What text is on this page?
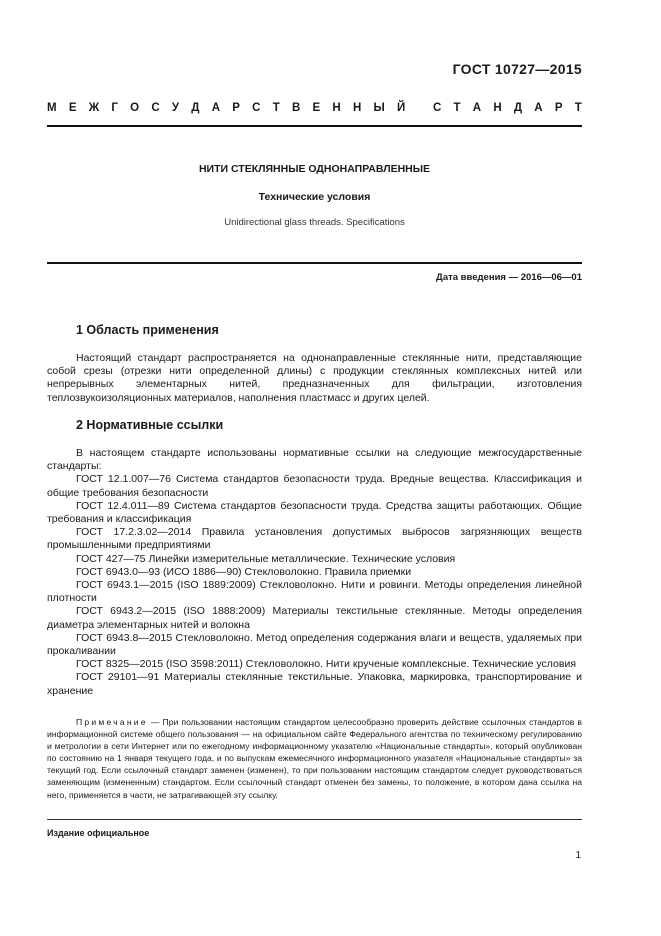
ГОСТ 10727—2015
М Е Ж Г О С У Д А Р С Т В Е Н Н Ы Й
С Т А Н Д А Р Т
НИТИ СТЕКЛЯННЫЕ ОДНОНАПРАВЛЕННЫЕ
Технические условия
Unidirectional glass threads. Specifications
Дата введения — 2016—06—01
1 Область применения

Настоящий стандарт распространяется на однонаправленные стеклянные нити, представляющие собой срезы (отрезки нити определенной длины) с продукции стеклянных комплексных нитей или непрерывных элементарных нитей, предназначенных для фильтрации, изготовления теплозвукоизоляционных материалов, наполнения пластмасс и других целей.

2 Нормативные ссылки

В настоящем стандарте использованы нормативные ссылки на следующие межгосударственные стандарты:

ГОСТ 12.1.007—76 Система стандартов безопасности труда. Вредные вещества. Классификация и общие требования безопасности

ГОСТ 12.4.011—89 Система стандартов безопасности труда. Средства защиты работающих. Общие требования и классификация

ГОСТ 17.2.3.02—2014 Правила установления допустимых выбросов загрязняющих веществ промышленными предприятиями

ГОСТ 427—75 Линейки измерительные металлические. Технические условия

ГОСТ 6943.0—93 (ИСО 1886—90) Стекловолокно. Правила приемки

ГОСТ 6943.1—2015 (ISO 1889:2009) Стекловолокно. Нити и ровинги. Методы определения линейной плотности

ГОСТ 6943.2—2015 (ISO 1888:2009) Материалы текстильные стеклянные. Методы определения диаметра элементарных нитей и волокна

ГОСТ 6943.8—2015 Стекловолокно. Метод определения содержания влаги и веществ, удаляемых при прокаливании

ГОСТ 8325—2015 (ISO 3598:2011) Стекловолокно. Нити крученые комплексные. Технические условия

ГОСТ 29101—91 Материалы стеклянные текстильные. Упаковка, маркировка, транспортирование и хранение

Примечание — При пользовании настоящим стандартом целесообразно проверить действие ссылочных стандартов в информационной системе общего пользования — на официальном сайте Федерального агентства по техническому регулированию и метрологии в сети Интернет или по ежегодному информационному указателю «Национальные стандарты», который опубликован по состоянию на 1 января текущего года, и по выпускам ежемесячного информационного указателя «Национальные стандарты» за текущий год. Если ссылочный стандарт заменен (изменен), то при пользовании настоящим стандартом следует руководствоваться заменяющим (измененным) стандартом. Если ссылочный стандарт отменен без замены, то положение, в котором дана ссылка на него, применяется в части, не затрагивающей эту ссылку.

Издание официальное
1
